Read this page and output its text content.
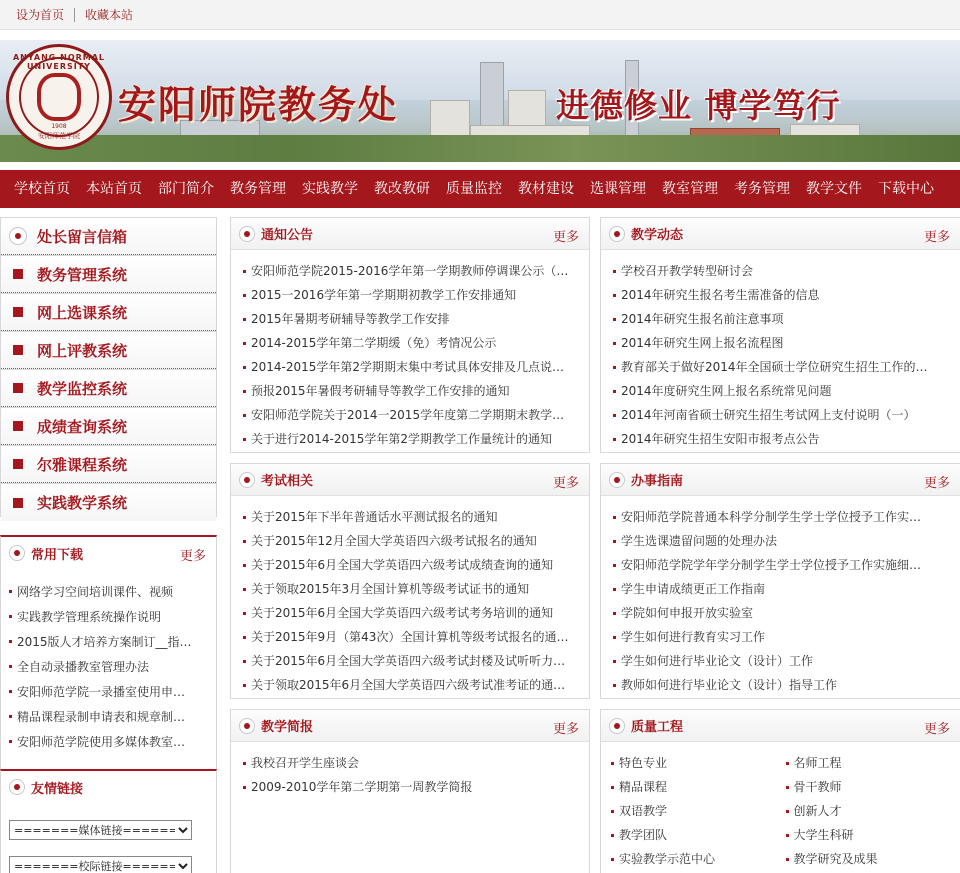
设为首页 收藏本站
ANYANG NORMAL UNIVERSITY
1908
安阳师范学院
安阳师院教务处	进德修业 博学笃行
学校首页	本站首页	部门简介	教务管理	实践教学	教改教研	质量监控	教材建设	选课管理	教室管理	考务管理	教学文件	下载中心
处长留言信箱
教务管理系统
网上选课系统
网上评教系统
教学监控系统
成绩查询系统
尔雅课程系统
实践教学系统
常用下载	更多
网络学习空间培训课件、视频
实践教学管理系统操作说明
2015版人才培养方案制订__指…
全自动录播教室管理办法
安阳师范学院一录播室使用申…
精品课程录制申请表和规章制…
安阳师范学院使用多媒体教室…
友情链接
=======媒体链接=========
=======校际链接=========
通知公告	更多
安阳师范学院2015-2016学年第一学期教师停调课公示（…
2015一2016学年第一学期期初教学工作安排通知
2015年暑期考研辅导等教学工作安排
2014-2015学年第二学期缓（免）考情况公示
2014-2015学年第2学期期末集中考试具体安排及几点说…
预报2015年暑假考研辅导等教学工作安排的通知
安阳师范学院关于2014一2015学年度第二学期期末教学…
关于进行2014-2015学年第2学期教学工作量统计的通知
教学动态	更多
学校召开教学转型研讨会
2014年研究生报名考生需准备的信息
2014年研究生报名前注意事项
2014年研究生网上报名流程图
教育部关于做好2014年全国硕士学位研究生招生工作的…
2014年度研究生网上报名系统常见问题
2014年河南省硕士研究生招生考试网上支付说明（一）
2014年研究生招生安阳市报考点公告
考试相关	更多
关于2015年下半年普通话水平测试报名的通知
关于2015年12月全国大学英语四六级考试报名的通知
关于2015年6月全国大学英语四六级考试成绩查询的通知
关于领取2015年3月全国计算机等级考试证书的通知
关于2015年6月全国大学英语四六级考试考务培训的通知
关于2015年9月（第43次）全国计算机等级考试报名的通…
关于2015年6月全国大学英语四六级考试封楼及试听听力…
关于领取2015年6月全国大学英语四六级考试准考证的通…
办事指南	更多
安阳师范学院普通本科学分制学生学士学位授予工作实…
学生选课遗留问题的处理办法
安阳师范学院学年学分制学生学士学位授予工作实施细…
学生申请成绩更正工作指南
学院如何申报开放实验室
学生如何进行教育实习工作
学生如何进行毕业论文（设计）工作
教师如何进行毕业论文（设计）指导工作
教学简报	更多
我校召开学生座谈会
2009-2010学年第二学期第一周教学简报
质量工程	更多
特色专业
精品课程
双语教学
教学团队
实验教学示范中心
名师工程
骨干教师
创新人才
大学生科研
教学研究及成果
